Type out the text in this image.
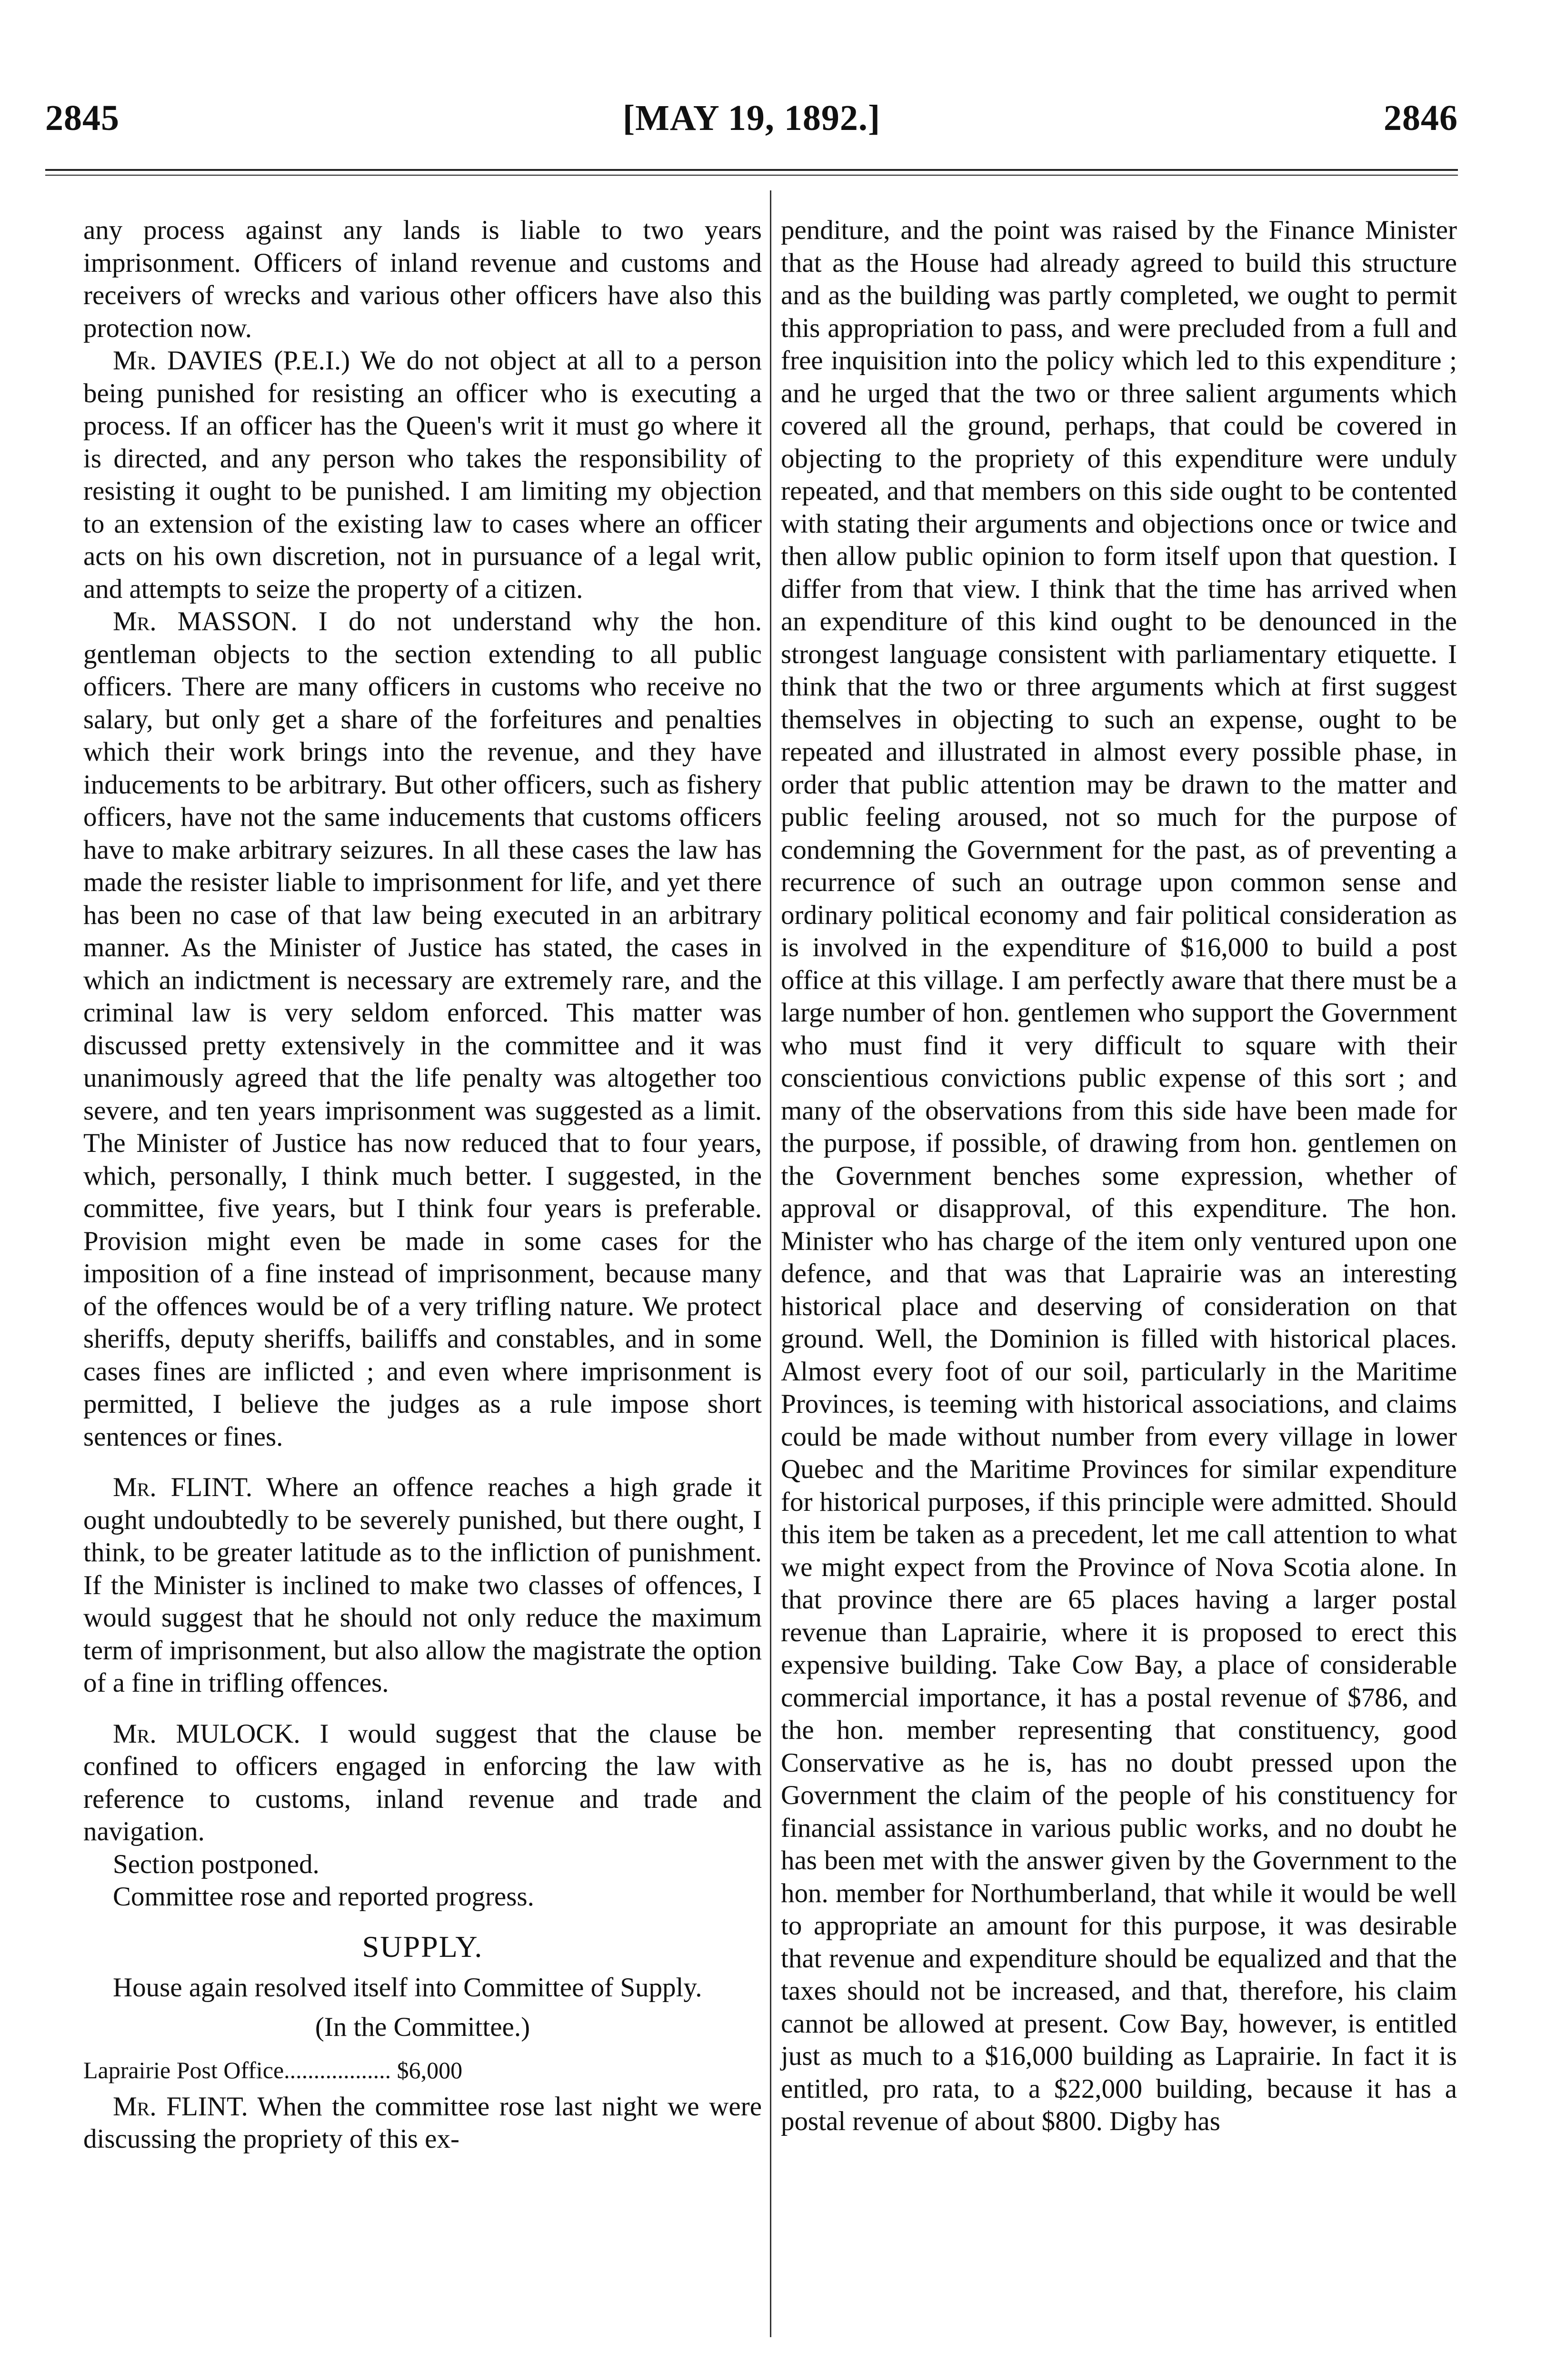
2845	[MAY 19, 1892.]	2846

any process against any lands is liable to two years imprisonment. Officers of inland revenue and customs and receivers of wrecks and various other officers have also this protection now.

Mr. DAVIES (P.E.I.) We do not object at all to a person being punished for resisting an officer who is executing a process. If an officer has the Queen's writ it must go where it is directed, and any person who takes the responsibility of resisting it ought to be punished. I am limiting my objection to an extension of the existing law to cases where an officer acts on his own discretion, not in pursuance of a legal writ, and attempts to seize the property of a citizen.

Mr. MASSON. I do not understand why the hon. gentleman objects to the section extending to all public officers. There are many officers in customs who receive no salary, but only get a share of the forfeitures and penalties which their work brings into the revenue, and they have inducements to be arbitrary. But other officers, such as fishery officers, have not the same inducements that customs officers have to make arbitrary seizures. In all these cases the law has made the resister liable to imprisonment for life, and yet there has been no case of that law being executed in an arbitrary manner. As the Minister of Justice has stated, the cases in which an indictment is necessary are extremely rare, and the criminal law is very seldom enforced. This matter was discussed pretty extensively in the committee and it was unanimously agreed that the life penalty was altogether too severe, and ten years imprisonment was suggested as a limit. The Minister of Justice has now reduced that to four years, which, personally, I think much better. I suggested, in the committee, five years, but I think four years is preferable. Provision might even be made in some cases for the imposition of a fine instead of imprisonment, because many of the offences would be of a very trifling nature. We protect sheriffs, deputy sheriffs, bailiffs and constables, and in some cases fines are inflicted ; and even where imprisonment is permitted, I believe the judges as a rule impose short sentences or fines.

Mr. FLINT. Where an offence reaches a high grade it ought undoubtedly to be severely punished, but there ought, I think, to be greater latitude as to the infliction of punishment. If the Minister is inclined to make two classes of offences, I would suggest that he should not only reduce the maximum term of imprisonment, but also allow the magistrate the option of a fine in trifling offences.

Mr. MULOCK. I would suggest that the clause be confined to officers engaged in enforcing the law with reference to customs, inland revenue and trade and navigation.

Section postponed.

Committee rose and reported progress.

SUPPLY.

House again resolved itself into Committee of Supply.

(In the Committee.)
Laprairie Post Office.................. $6,000

Mr. FLINT. When the committee rose last night we were discussing the propriety of this ex-

penditure, and the point was raised by the Finance Minister that as the House had already agreed to build this structure and as the building was partly completed, we ought to permit this appropriation to pass, and were precluded from a full and free inquisition into the policy which led to this expenditure ; and he urged that the two or three salient arguments which covered all the ground, perhaps, that could be covered in objecting to the propriety of this expenditure were unduly repeated, and that members on this side ought to be contented with stating their arguments and objections once or twice and then allow public opinion to form itself upon that question. I differ from that view. I think that the time has arrived when an expenditure of this kind ought to be denounced in the strongest language consistent with parliamentary etiquette. I think that the two or three arguments which at first suggest themselves in objecting to such an expense, ought to be repeated and illustrated in almost every possible phase, in order that public attention may be drawn to the matter and public feeling aroused, not so much for the purpose of condemning the Government for the past, as of preventing a recurrence of such an outrage upon common sense and ordinary political economy and fair political consideration as is involved in the expenditure of $16,000 to build a post office at this village. I am perfectly aware that there must be a large number of hon. gentlemen who support the Government who must find it very difficult to square with their conscientious convictions public expense of this sort ; and many of the observations from this side have been made for the purpose, if possible, of drawing from hon. gentlemen on the Government benches some expression, whether of approval or disapproval, of this expenditure. The hon. Minister who has charge of the item only ventured upon one defence, and that was that Laprairie was an interesting historical place and deserving of consideration on that ground. Well, the Dominion is filled with historical places. Almost every foot of our soil, particularly in the Maritime Provinces, is teeming with historical associations, and claims could be made without number from every village in lower Quebec and the Maritime Provinces for similar expenditure for historical purposes, if this principle were admitted. Should this item be taken as a precedent, let me call attention to what we might expect from the Province of Nova Scotia alone. In that province there are 65 places having a larger postal revenue than Laprairie, where it is proposed to erect this expensive building. Take Cow Bay, a place of considerable commercial importance, it has a postal revenue of $786, and the hon. member representing that constituency, good Conservative as he is, has no doubt pressed upon the Government the claim of the people of his constituency for financial assistance in various public works, and no doubt he has been met with the answer given by the Government to the hon. member for Northumberland, that while it would be well to appropriate an amount for this purpose, it was desirable that revenue and expenditure should be equalized and that the taxes should not be increased, and that, therefore, his claim cannot be allowed at present. Cow Bay, however, is entitled just as much to a $16,000 building as Laprairie. In fact it is entitled, pro rata, to a $22,000 building, because it has a postal revenue of about $800. Digby has
